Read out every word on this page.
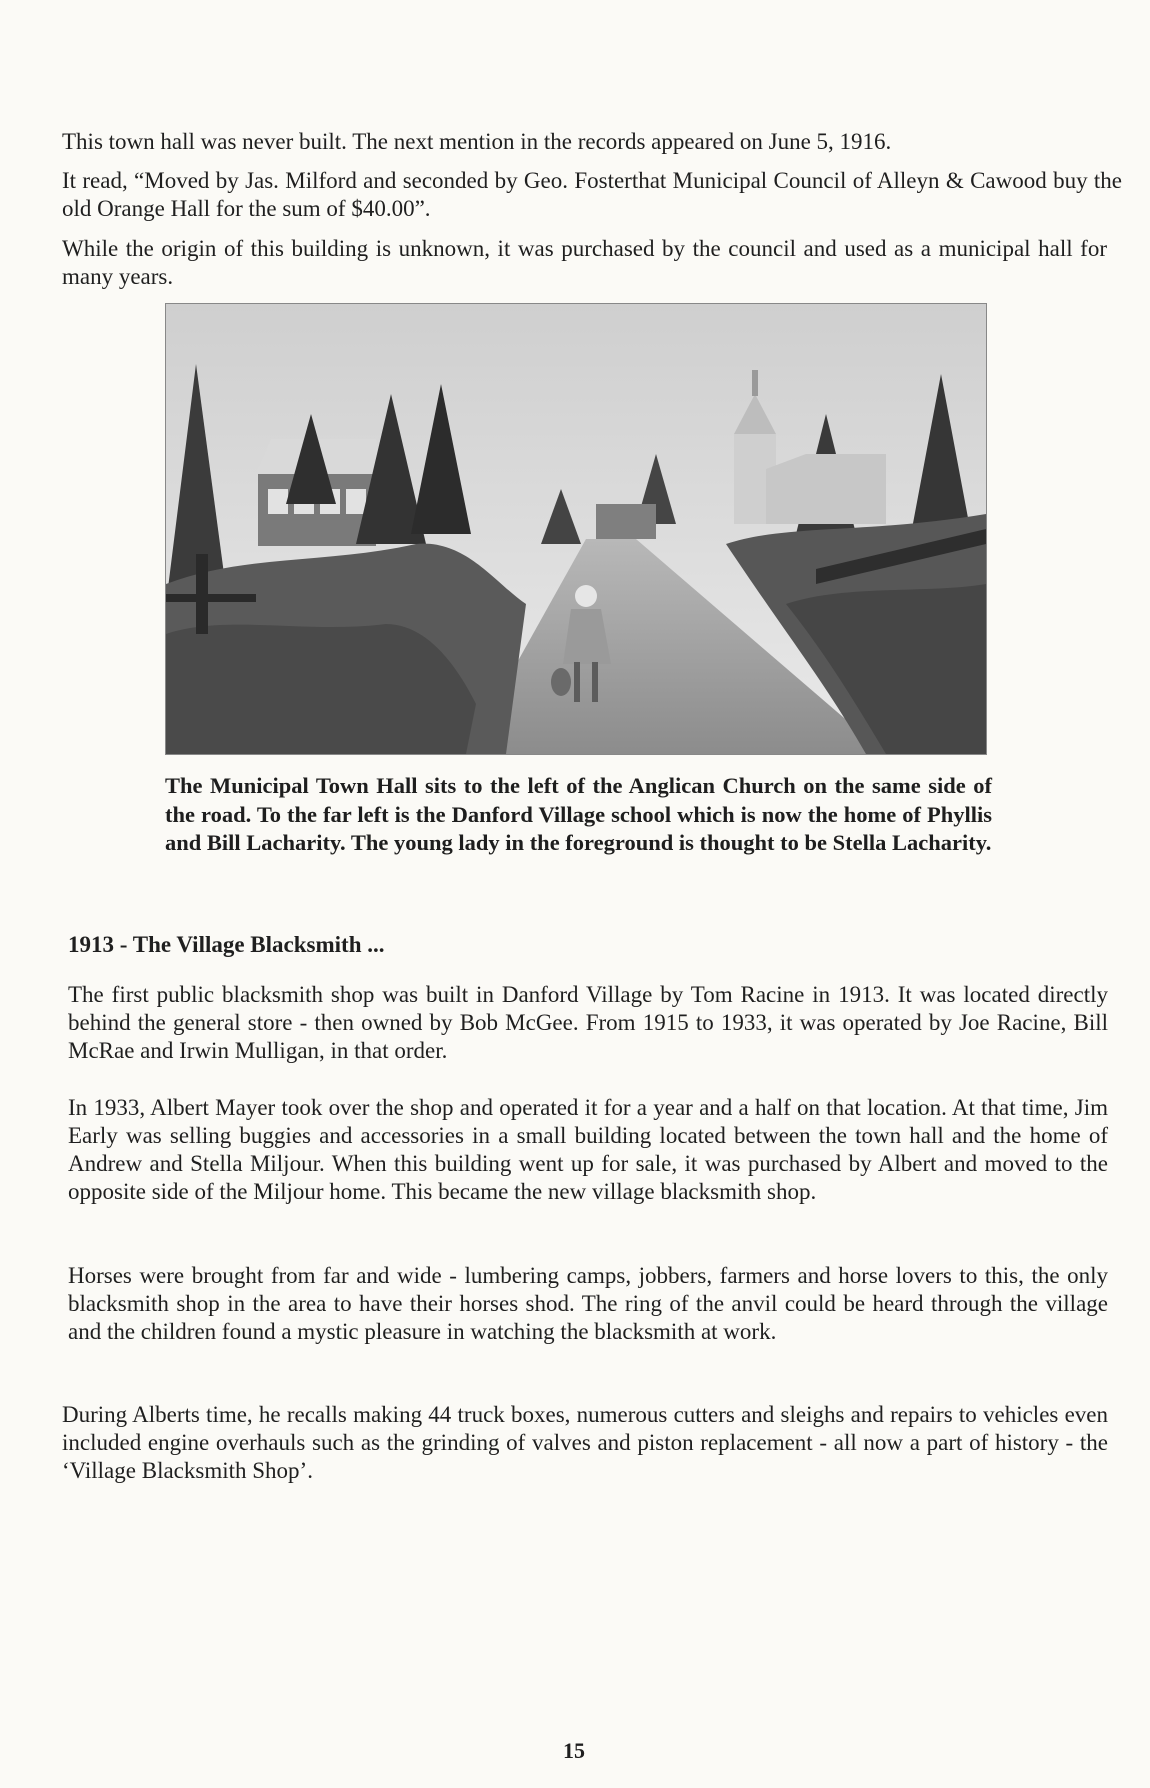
This town hall was never built. The next mention in the records appeared on June 5, 1916.

It read, “Moved by Jas. Milford and seconded by Geo. Fosterthat Municipal Council of Alleyn & Cawood buy the old Orange Hall for the sum of $40.00”.

While the origin of this building is unknown, it was purchased by the council and used as a municipal hall for many years.

The Municipal Town Hall sits to the left of the Anglican Church on the same side of the road. To the far left is the Danford Village school which is now the home of Phyllis and Bill Lacharity. The young lady in the foreground is thought to be Stella Lacharity.

1913 - The Village Blacksmith ...

The first public blacksmith shop was built in Danford Village by Tom Racine in 1913. It was located directly behind the general store - then owned by Bob McGee. From 1915 to 1933, it was operated by Joe Racine, Bill McRae and Irwin Mulligan, in that order.

In 1933, Albert Mayer took over the shop and operated it for a year and a half on that location. At that time, Jim Early was selling buggies and accessories in a small building located between the town hall and the home of Andrew and Stella Miljour. When this building went up for sale, it was purchased by Albert and moved to the opposite side of the Miljour home. This became the new village blacksmith shop.

Horses were brought from far and wide - lumbering camps, jobbers, farmers and horse lovers to this, the only blacksmith shop in the area to have their horses shod. The ring of the anvil could be heard through the village and the children found a mystic pleasure in watching the blacksmith at work.

During Alberts time, he recalls making 44 truck boxes, numerous cutters and sleighs and repairs to vehicles even included engine overhauls such as the grinding of valves and piston replacement - all now a part of history - the ‘Village Blacksmith Shop’.

15
